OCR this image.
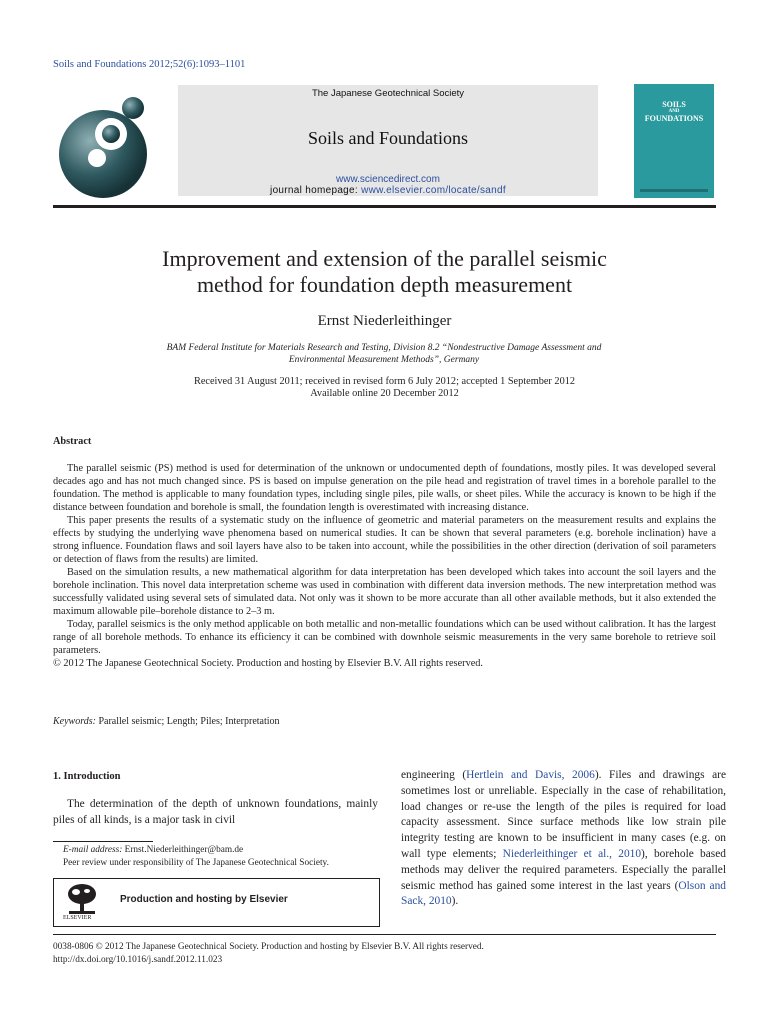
Soils and Foundations 2012;52(6):1093–1101
The Japanese Geotechnical Society
Soils and Foundations
www.sciencedirect.com
journal homepage: www.elsevier.com/locate/sandf
SOILS
AND
FOUNDATIONS
Improvement and extension of the parallel seismic
method for foundation depth measurement
Ernst Niederleithinger
BAM Federal Institute for Materials Research and Testing, Division 8.2 “Nondestructive Damage Assessment and
Environmental Measurement Methods”, Germany
Received 31 August 2011; received in revised form 6 July 2012; accepted 1 September 2012
Available online 20 December 2012
Abstract

The parallel seismic (PS) method is used for determination of the unknown or undocumented depth of foundations, mostly piles. It was developed several decades ago and has not much changed since. PS is based on impulse generation on the pile head and registration of travel times in a borehole parallel to the foundation. The method is applicable to many foundation types, including single piles, pile walls, or sheet piles. While the accuracy is known to be high if the distance between foundation and borehole is small, the foundation length is overestimated with increasing distance.

This paper presents the results of a systematic study on the influence of geometric and material parameters on the measurement results and explains the effects by studying the underlying wave phenomena based on numerical studies. It can be shown that several parameters (e.g. borehole inclination) have a strong influence. Foundation flaws and soil layers have also to be taken into account, while the possibilities in the other direction (derivation of soil parameters or detection of flaws from the results) are limited.

Based on the simulation results, a new mathematical algorithm for data interpretation has been developed which takes into account the soil layers and the borehole inclination. This novel data interpretation scheme was used in combination with different data inversion methods. The new interpretation method was successfully validated using several sets of simulated data. Not only was it shown to be more accurate than all other available methods, but it also extended the maximum allowable pile–borehole distance to 2–3 m.

Today, parallel seismics is the only method applicable on both metallic and non-metallic foundations which can be used without calibration. It has the largest range of all borehole methods. To enhance its efficiency it can be combined with downhole seismic measurements in the very same borehole to retrieve soil parameters.

© 2012 The Japanese Geotechnical Society. Production and hosting by Elsevier B.V. All rights reserved.

Keywords: Parallel seismic; Length; Piles; Interpretation
1. Introduction
The determination of the depth of unknown foundations, mainly piles of all kinds, is a major task in civil
engineering (Hertlein and Davis, 2006). Files and drawings are sometimes lost or unreliable. Especially in the case of rehabilitation, load changes or re-use the length of the piles is required for load capacity assessment. Since surface methods like low strain pile integrity testing are known to be insufficient in many cases (e.g. on wall type elements; Niederleithinger et al., 2010), borehole based methods may deliver the required parameters. Especially the parallel seismic method has gained some interest in the last years (Olson and Sack, 2010).
E-mail address: Ernst.Niederleithinger@bam.de
Peer review under responsibility of The Japanese Geotechnical Society.
ELSEVIER
Production and hosting by Elsevier
0038-0806 © 2012 The Japanese Geotechnical Society. Production and hosting by Elsevier B.V. All rights reserved.
http://dx.doi.org/10.1016/j.sandf.2012.11.023
